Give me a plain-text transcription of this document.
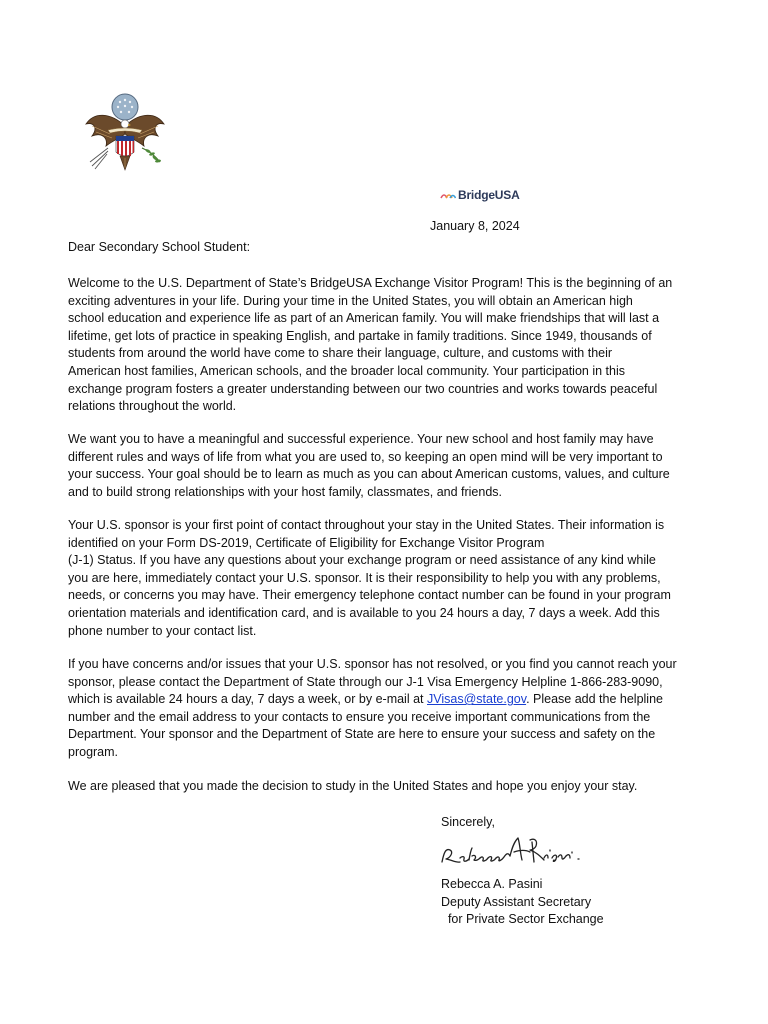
BridgeUSA
January 8, 2024
Dear Secondary School Student:
Welcome to the U.S. Department of State’s BridgeUSA Exchange Visitor Program! This is the beginning of an
exciting adventures in your life. During your time in the United States, you will obtain an American high
school education and experience life as part of an American family. You will make friendships that will last a
lifetime, get lots of practice in speaking English, and partake in family traditions. Since 1949, thousands of
students from around the world have come to share their language, culture, and customs with their
American host families, American schools, and the broader local community. Your participation in this
exchange program fosters a greater understanding between our two countries and works towards peaceful
relations throughout the world.
We want you to have a meaningful and successful experience. Your new school and host family may have
different rules and ways of life from what you are used to, so keeping an open mind will be very important to
your success. Your goal should be to learn as much as you can about American customs, values, and culture
and to build strong relationships with your host family, classmates, and friends.
Your U.S. sponsor is your first point of contact throughout your stay in the United States. Their information is
identified on your Form DS-2019, Certificate of Eligibility for Exchange Visitor Program
(J-1) Status. If you have any questions about your exchange program or need assistance of any kind while
you are here, immediately contact your U.S. sponsor. It is their responsibility to help you with any problems,
needs, or concerns you may have. Their emergency telephone contact number can be found in your program
orientation materials and identification card, and is available to you 24 hours a day, 7 days a week. Add this
phone number to your contact list.
If you have concerns and/or issues that your U.S. sponsor has not resolved, or you find you cannot reach your
sponsor, please contact the Department of State through our J-1 Visa Emergency Helpline 1-866-283-9090,
which is available 24 hours a day, 7 days a week, or by e-mail at JVisas@state.gov. Please add the helpline
number and the email address to your contacts to ensure you receive important communications from the
Department. Your sponsor and the Department of State are here to ensure your success and safety on the
program.
We are pleased that you made the decision to study in the United States and hope you enjoy your stay.
Sincerely,
Rebecca A. Pasini
Deputy Assistant Secretary
for Private Sector Exchange
